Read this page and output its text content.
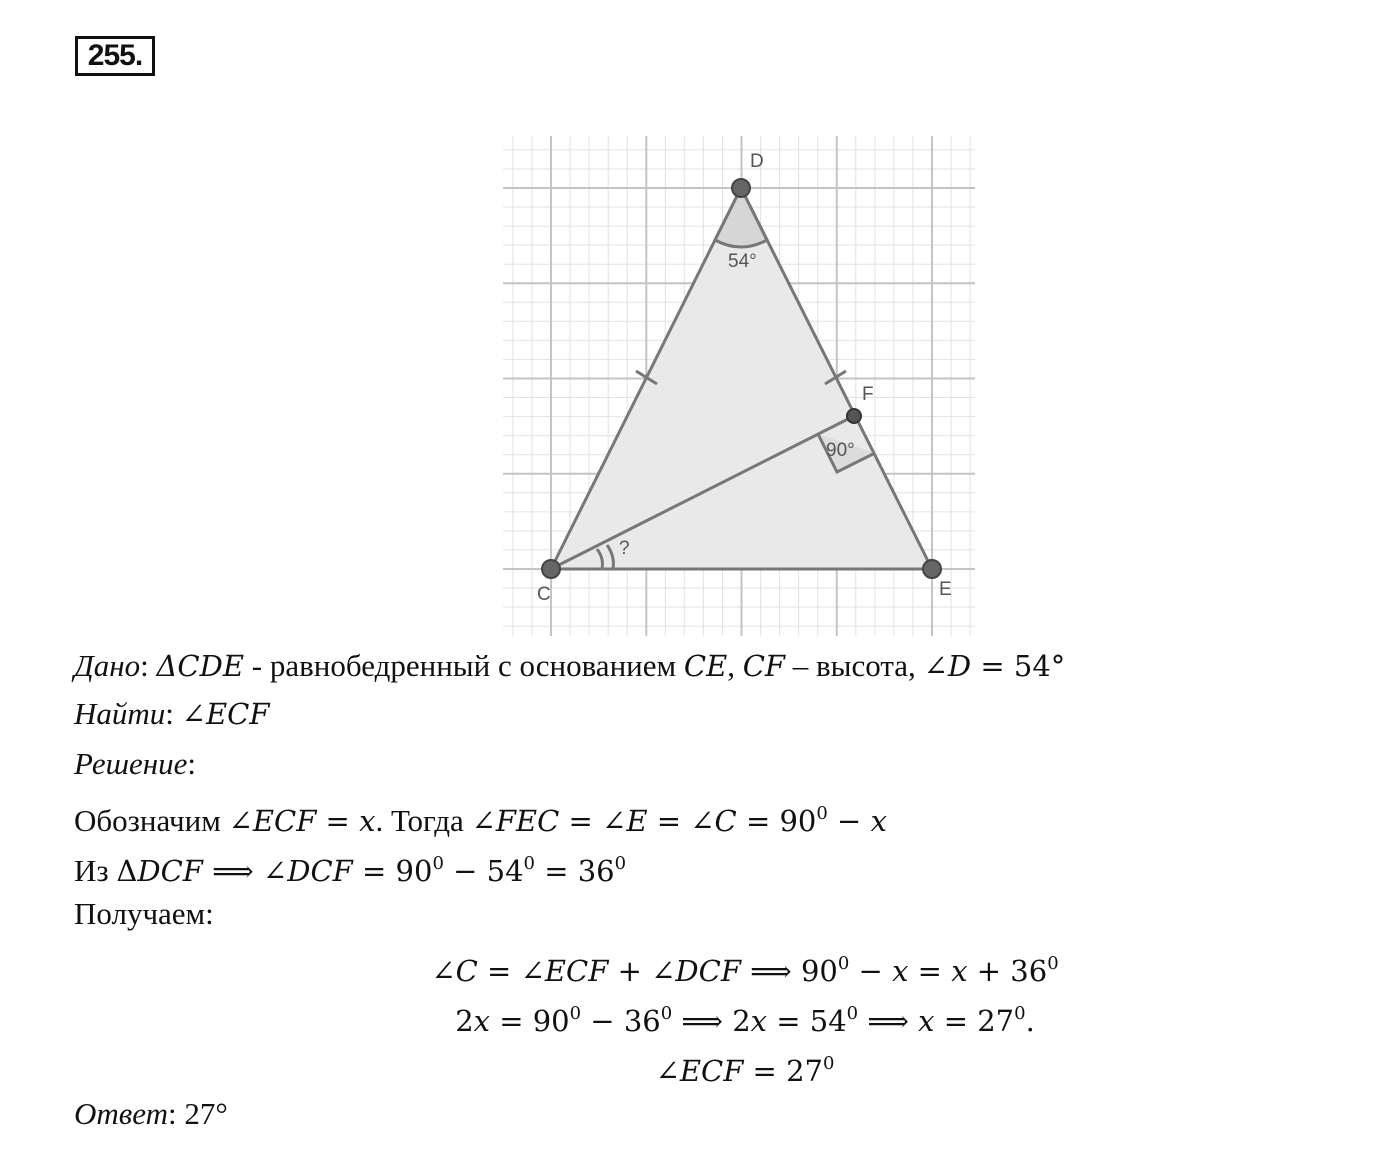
255.
D
C	E
F
54°
90°
?
Дано: ΔCDE - равнобедренный с основанием CE, CF – высота, ∠D = 54°
Найти: ∠ECF
Решение:
Обозначим ∠ECF = x. Тогда ∠FEC = ∠E = ∠C = $90^0 - x$
Из ΔDCF ⟹ ∠DCF = $90^0 - 54^0 = 36^0$
Получаем:
∠C = ∠ECF + ∠DCF ⟹ $90^0 - x = x + 36^0$
$2x = 90^0 - 36^0$ ⟹ $2x = 54^0$ ⟹ $x = 27^0$.
∠ECF = $27^0$
Ответ: 27°
